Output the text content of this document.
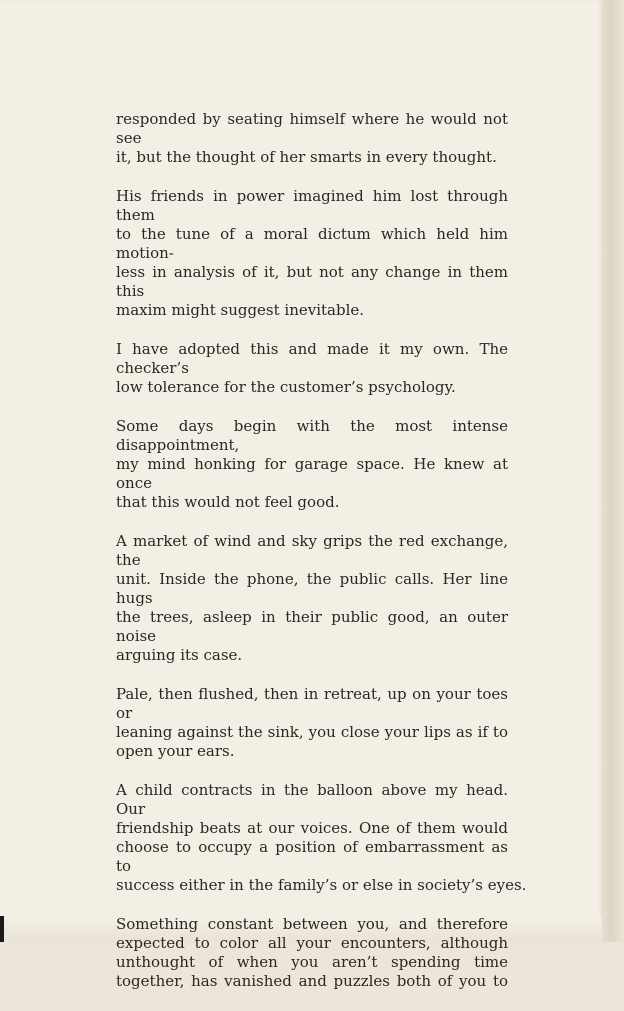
responded by seating himself where he would not see
it, but the thought of her smarts in every thought.

His friends in power imagined him lost through them
to the tune of a moral dictum which held him motion-
less in analysis of it, but not any change in them this
maxim might suggest inevitable.

I have adopted this and made it my own. The checker’s
low tolerance for the customer’s psychology.

Some days begin with the most intense disappointment,
my mind honking for garage space. He knew at once
that this would not feel good.

A market of wind and sky grips the red exchange, the
unit. Inside the phone, the public calls. Her line hugs
the trees, asleep in their public good, an outer noise
arguing its case.

Pale, then flushed, then in retreat, up on your toes or
leaning against the sink, you close your lips as if to
open your ears.

A child contracts in the balloon above my head. Our
friendship beats at our voices. One of them would
choose to occupy a position of embarrassment as to
success either in the family’s or else in society’s eyes.

Something constant between you, and therefore
expected to color all your encounters, although
unthought of when you aren’t spending time
together, has vanished and puzzles both of you to
